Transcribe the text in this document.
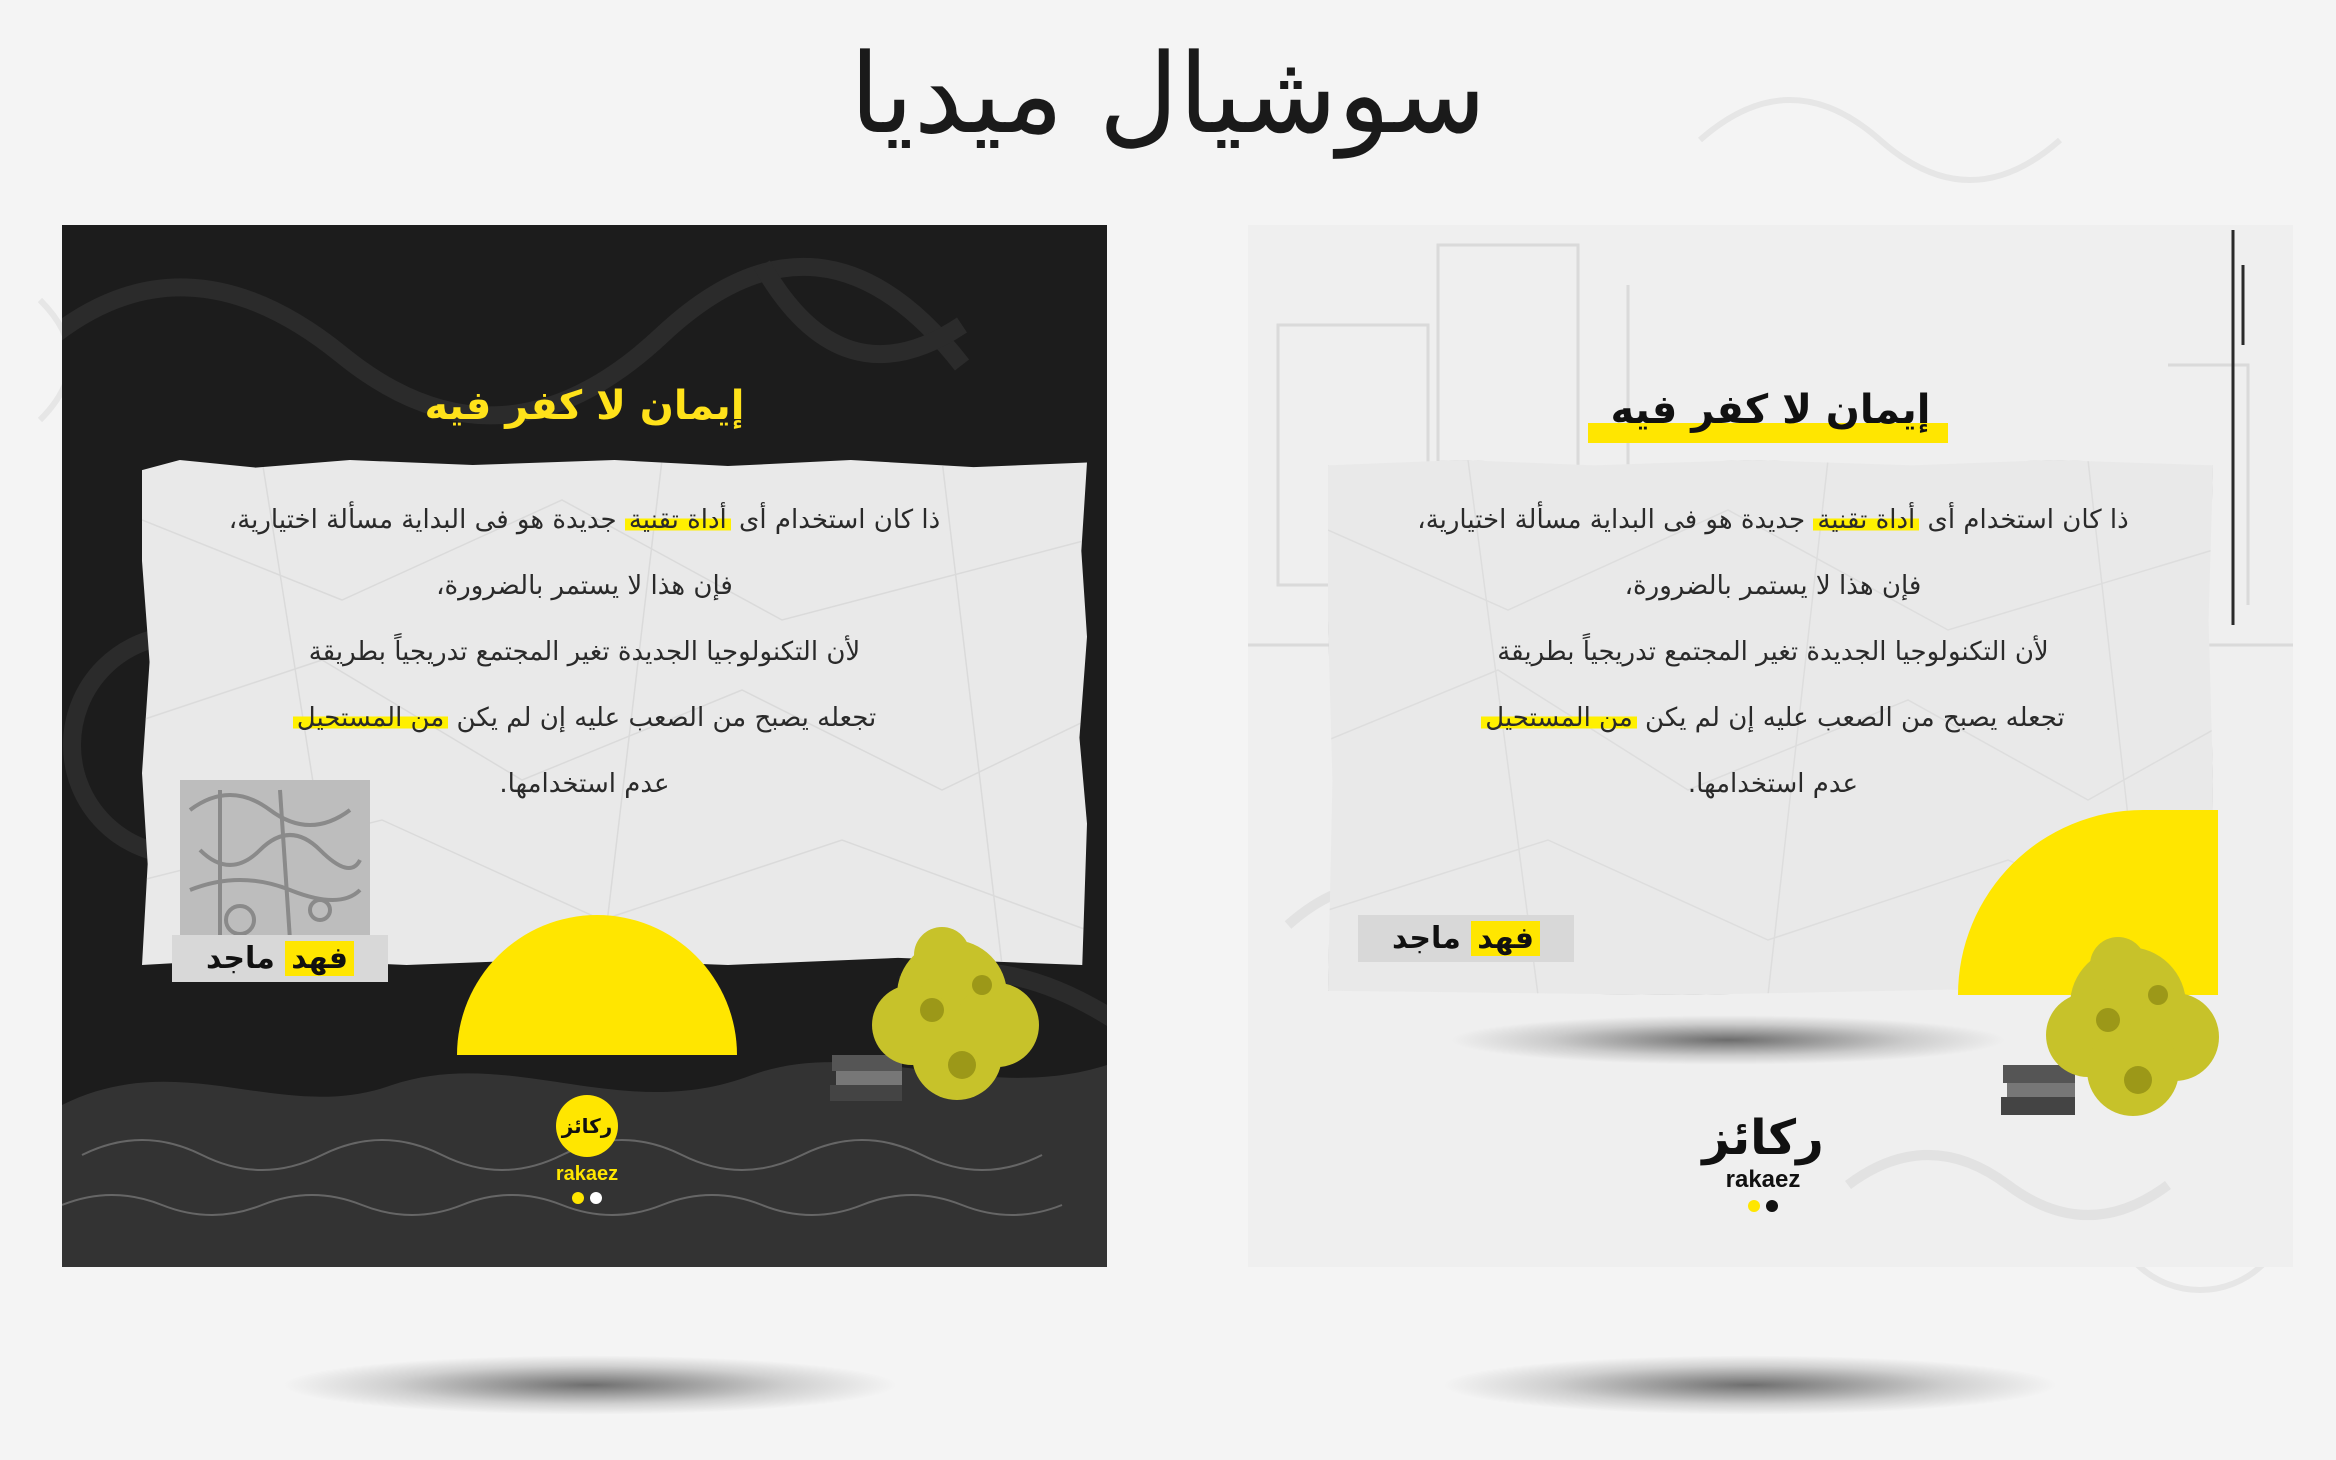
سوشيال ميديا
إيمان لا كفر فيه
ذا كان استخدام أى أداة تقنية جديدة هو فى البداية مسألة اختيارية،
فإن هذا لا يستمر بالضرورة،
لأن التكنولوجيا الجديدة تغير المجتمع تدريجياً بطريقة
تجعله يصبح من الصعب عليه إن لم يكن من المستحيل
عدم استخدامها.
فهد ماجد
ركائز
rakaez
إيمان لا كفر فيه
ذا كان استخدام أى أداة تقنية جديدة هو فى البداية مسألة اختيارية،
فإن هذا لا يستمر بالضرورة،
لأن التكنولوجيا الجديدة تغير المجتمع تدريجياً بطريقة
تجعله يصبح من الصعب عليه إن لم يكن من المستحيل
عدم استخدامها.
فهد ماجد
ركائز
rakaez
